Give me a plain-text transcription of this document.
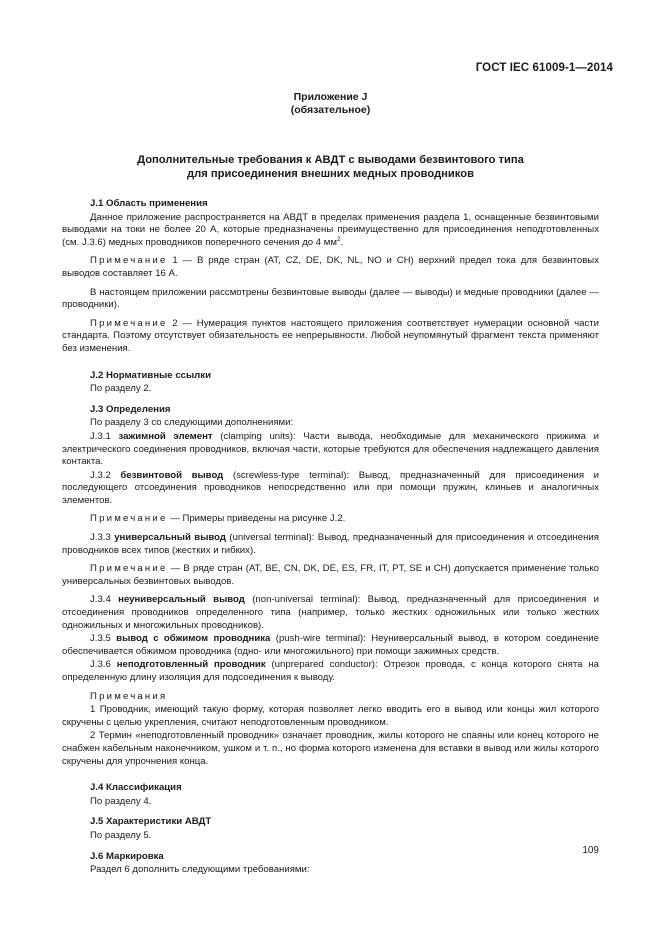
ГОСТ IEC 61009-1—2014
Приложение J
(обязательное)
Дополнительные требования к АВДТ с выводами безвинтового типа
для присоединения внешних медных проводников
J.1 Область применения
Данное приложение распространяется на АВДТ в пределах применения раздела 1, оснащенные безвинтовыми выводами на токи не более 20 А, которые предназначены преимущественно для присоединения неподготовленных (см. J.3.6) медных проводников поперечного сечения до 4 $мм^2$.
Примечание 1 — В ряде стран (AT, CZ, DE, DK, NL, NO и CH) верхний предел тока для безвинтовых выводов составляет 16 А.
В настоящем приложении рассмотрены безвинтовые выводы (далее — выводы) и медные проводники (далее — проводники).
Примечание 2 — Нумерация пунктов настоящего приложения соответствует нумерации основной части стандарта. Поэтому отсутствует обязательность ее непрерывности. Любой неупомянутый фрагмент текста применяют без изменения.
J.2 Нормативные ссылки
По разделу 2.
J.3 Определения
По разделу 3 со следующими дополнениями:
J.3.1 зажимной элемент (clamping units): Части вывода, необходимые для механического прижима и электрического соединения проводников, включая части, которые требуются для обеспечения надлежащего давления контакта.
J.3.2 безвинтовой вывод (screwless-type terminal): Вывод, предназначенный для присоединения и последующего отсоединения проводников непосредственно или при помощи пружин, клиньев и аналогичных элементов.
Примечание — Примеры приведены на рисунке J.2.
J.3.3 универсальный вывод (universal terminal): Вывод, предназначенный для присоединения и отсоединения проводников всех типов (жестких и гибких).
Примечание — В ряде стран (AT, BE, CN, DK, DE, ES, FR, IT, PT, SE и CH) допускается применение только универсальных безвинтовых выводов.
J.3.4 неуниверсальный вывод (non-universal terminal): Вывод, предназначенный для присоединения и отсоединения проводников определенного типа (например, только жестких одножильных или только жестких одножильных и многожильных проводников).
J.3.5 вывод с обжимом проводника (push-wire terminal): Неуниверсальный вывод, в котором соединение обеспечивается обжимом проводника (одно- или многожильного) при помощи зажимных средств.
J.3.6 неподготовленный проводник (unprepared conductor): Отрезок провода, с конца которого снята на определенную длину изоляция для подсоединения к выводу.
Примечания
1 Проводник, имеющий такую форму, которая позволяет легко вводить его в вывод или концы жил которого скручены с целью укрепления, считают неподготовленным проводником.
2 Термин «неподготовленный проводник» означает проводник, жилы которого не спаяны или конец которого не снабжен кабельным наконечником, ушком и т. п., но форма которого изменена для вставки в вывод или жилы которого скручены для упрочнения конца.
J.4 Классификация
По разделу 4.
J.5 Характеристики АВДТ
По разделу 5.
J.6 Маркировка
Раздел 6 дополнить следующими требованиями:
109
